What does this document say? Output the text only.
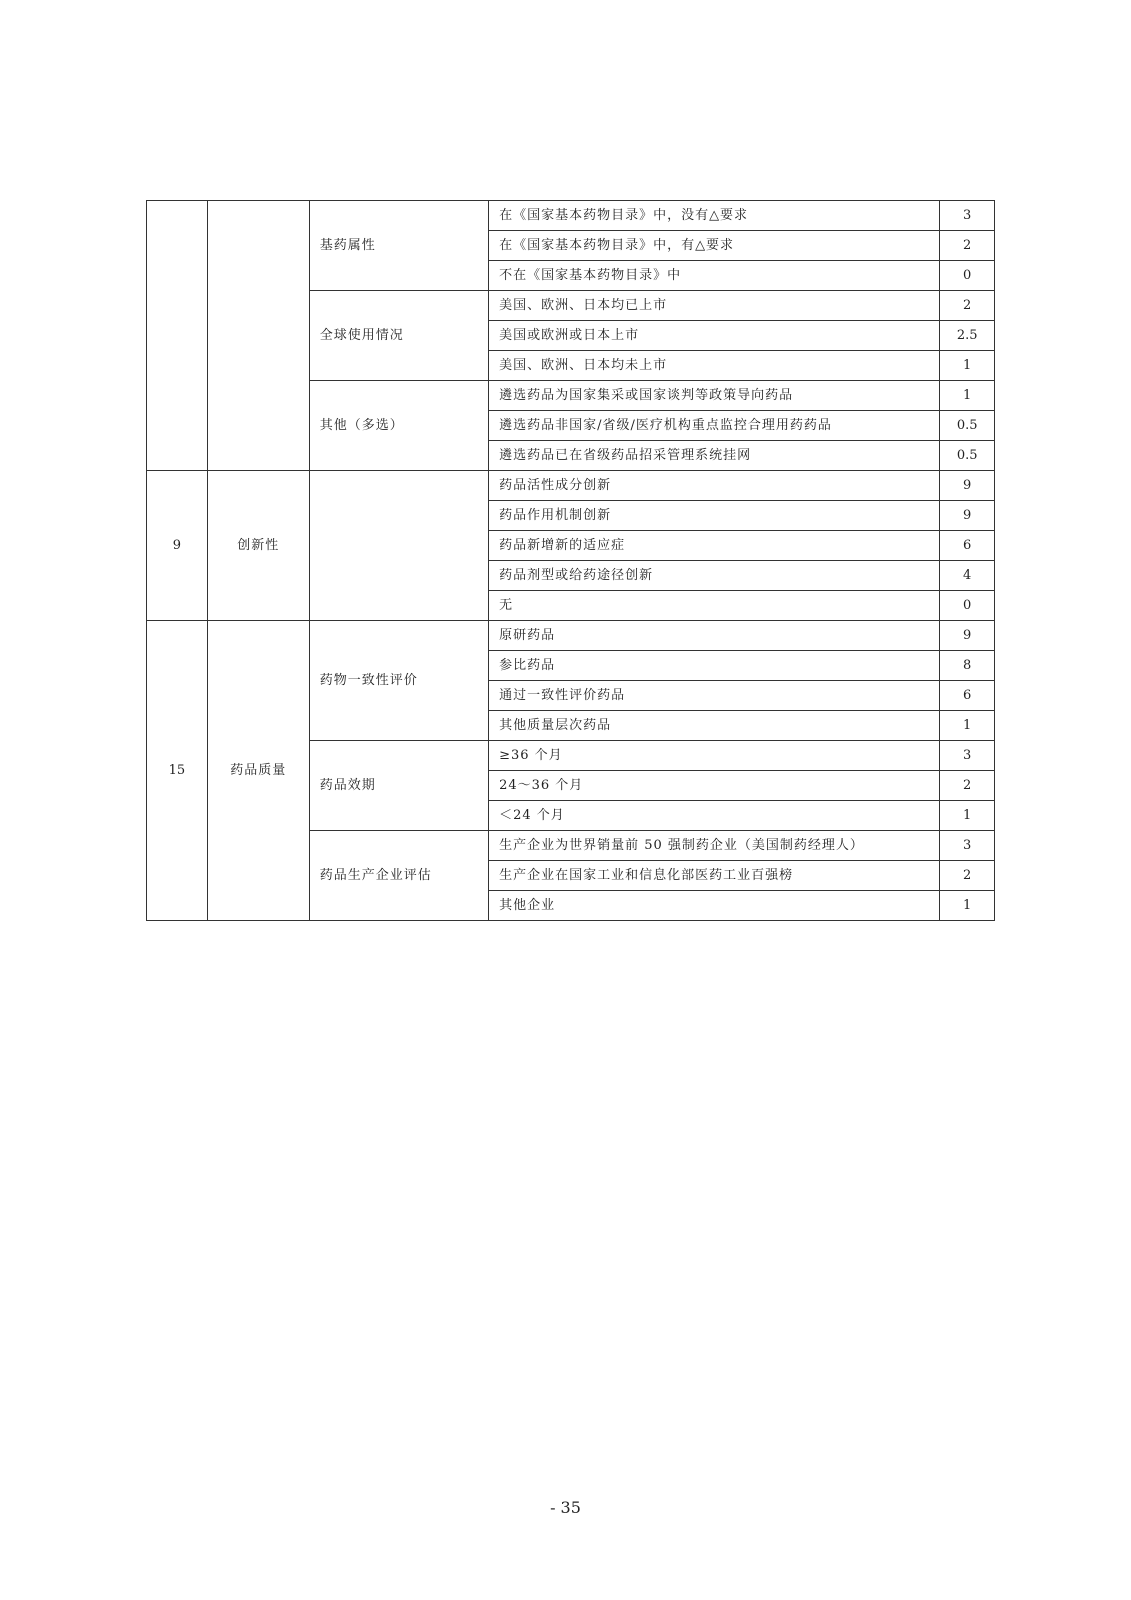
		基药属性	在《国家基本药物目录》中，没有△要求	3
			在《国家基本药物目录》中，有△要求	2
			不在《国家基本药物目录》中	0
		全球使用情况	美国、欧洲、日本均已上市	2
			美国或欧洲或日本上市	2.5
			美国、欧洲、日本均未上市	1
		其他（多选）	遴选药品为国家集采或国家谈判等政策导向药品	1
			遴选药品非国家/省级/医疗机构重点监控合理用药药品	0.5
			遴选药品已在省级药品招采管理系统挂网	0.5
9	创新性		药品活性成分创新	9
			药品作用机制创新	9
			药品新增新的适应症	6
			药品剂型或给药途径创新	4
			无	0
15	药品质量	药物一致性评价	原研药品	9
			参比药品	8
			通过一致性评价药品	6
			其他质量层次药品	1
		药品效期	≥36 个月	3
			24～36 个月	2
			＜24 个月	1
		药品生产企业评估	生产企业为世界销量前 50 强制药企业（美国制药经理人）	3
			生产企业在国家工业和信息化部医药工业百强榜	2
			其他企业	1
- 35
